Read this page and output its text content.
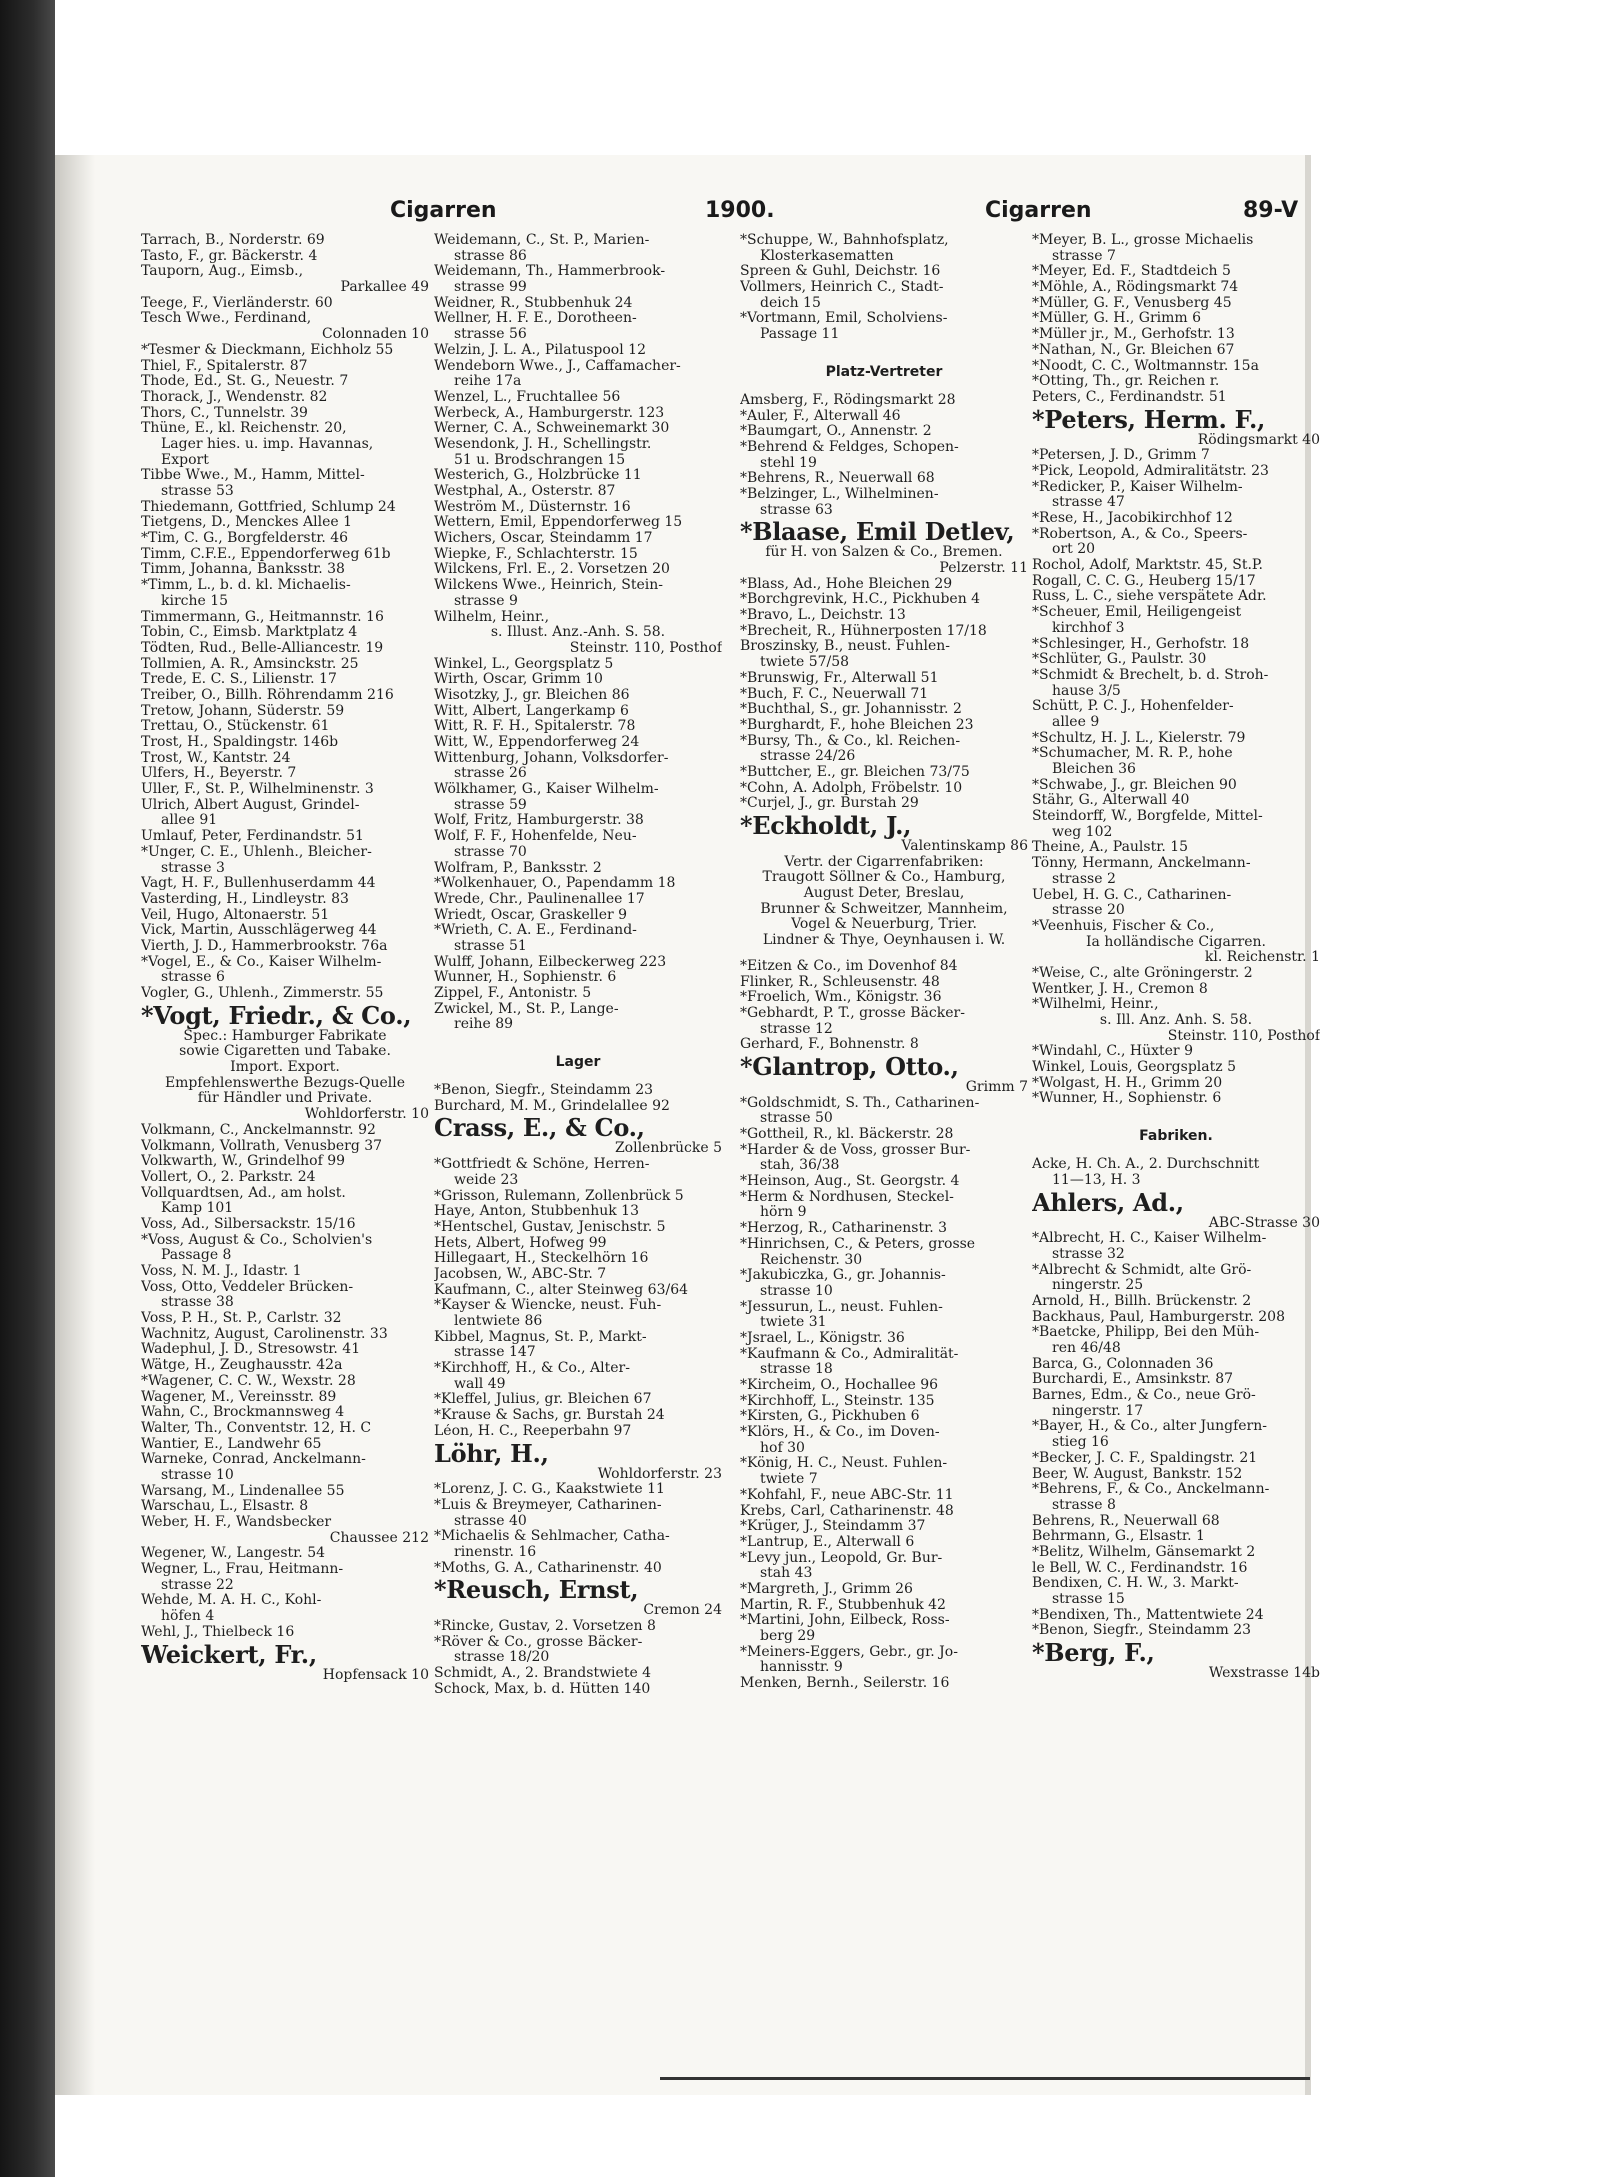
Cigarren	1900.	Cigarren	89-V
Tarrach, B., Norderstr. 69
Tasto, F., gr. Bäckerstr. 4
Tauporn, Aug., Eimsb.,
Parkallee 49
Teege, F., Vierländerstr. 60
Tesch Wwe., Ferdinand,
Colonnaden 10
*Tesmer & Dieckmann, Eichholz 55
Thiel, F., Spitalerstr. 87
Thode, Ed., St. G., Neuestr. 7
Thorack, J., Wendenstr. 82
Thors, C., Tunnelstr. 39
Thüne, E., kl. Reichenstr. 20,
Lager hies. u. imp. Havannas,
Export
Tibbe Wwe., M., Hamm, Mittel-
strasse 53
Thiedemann, Gottfried, Schlump 24
Tietgens, D., Menckes Allee 1
*Tim, C. G., Borgfelderstr. 46
Timm, C.F.E., Eppendorferweg 61b
Timm, Johanna, Banksstr. 38
*Timm, L., b. d. kl. Michaelis-
kirche 15
Timmermann, G., Heitmannstr. 16
Tobin, C., Eimsb. Marktplatz 4
Tödten, Rud., Belle-Alliancestr. 19
Tollmien, A. R., Amsinckstr. 25
Trede, E. C. S., Lilienstr. 17
Treiber, O., Billh. Röhrendamm 216
Tretow, Johann, Süderstr. 59
Trettau, O., Stückenstr. 61
Trost, H., Spaldingstr. 146b
Trost, W., Kantstr. 24
Ulfers, H., Beyerstr. 7
Uller, F., St. P., Wilhelminenstr. 3
Ulrich, Albert August, Grindel-
allee 91
Umlauf, Peter, Ferdinandstr. 51
*Unger, C. E., Uhlenh., Bleicher-
strasse 3
Vagt, H. F., Bullenhuserdamm 44
Vasterding, H., Lindleystr. 83
Veil, Hugo, Altonaerstr. 51
Vick, Martin, Ausschlägerweg 44
Vierth, J. D., Hammerbrookstr. 76a
*Vogel, E., & Co., Kaiser Wilhelm-
strasse 6
Vogler, G., Uhlenh., Zimmerstr. 55
*Vogt, Friedr., & Co.,
Spec.: Hamburger Fabrikate
sowie Cigaretten und Tabake.
Import. Export.
Empfehlenswerthe Bezugs-Quelle
für Händler und Private.
Wohldorferstr. 10
Volkmann, C., Anckelmannstr. 92
Volkmann, Vollrath, Venusberg 37
Volkwarth, W., Grindelhof 99
Vollert, O., 2. Parkstr. 24
Vollquardtsen, Ad., am holst.
Kamp 101
Voss, Ad., Silbersackstr. 15/16
*Voss, August & Co., Scholvien's
Passage 8
Voss, N. M. J., Idastr. 1
Voss, Otto, Veddeler Brücken-
strasse 38
Voss, P. H., St. P., Carlstr. 32
Wachnitz, August, Carolinenstr. 33
Wadephul, J. D., Stresowstr. 41
Wätge, H., Zeughausstr. 42a
*Wagener, C. C. W., Wexstr. 28
Wagener, M., Vereinsstr. 89
Wahn, C., Brockmannsweg 4
Walter, Th., Conventstr. 12, H. C
Wantier, E., Landwehr 65
Warneke, Conrad, Anckelmann-
strasse 10
Warsang, M., Lindenallee 55
Warschau, L., Elsastr. 8
Weber, H. F., Wandsbecker
Chaussee 212
Wegener, W., Langestr. 54
Wegner, L., Frau, Heitmann-
strasse 22
Wehde, M. A. H. C., Kohl-
höfen 4
Wehl, J., Thielbeck 16
Weickert, Fr.,
Hopfensack 10
Weidemann, C., St. P., Marien-
strasse 86
Weidemann, Th., Hammerbrook-
strasse 99
Weidner, R., Stubbenhuk 24
Wellner, H. F. E., Dorotheen-
strasse 56
Welzin, J. L. A., Pilatuspool 12
Wendeborn Wwe., J., Caffamacher-
reihe 17a
Wenzel, L., Fruchtallee 56
Werbeck, A., Hamburgerstr. 123
Werner, C. A., Schweinemarkt 30
Wesendonk, J. H., Schellingstr.
51 u. Brodschrangen 15
Westerich, G., Holzbrücke 11
Westphal, A., Osterstr. 87
Weström M., Düsternstr. 16
Wettern, Emil, Eppendorferweg 15
Wichers, Oscar, Steindamm 17
Wiepke, F., Schlachterstr. 15
Wilckens, Frl. E., 2. Vorsetzen 20
Wilckens Wwe., Heinrich, Stein-
strasse 9
Wilhelm, Heinr.,
s. Illust. Anz.-Anh. S. 58.
Steinstr. 110, Posthof
Winkel, L., Georgsplatz 5
Wirth, Oscar, Grimm 10
Wisotzky, J., gr. Bleichen 86
Witt, Albert, Langerkamp 6
Witt, R. F. H., Spitalerstr. 78
Witt, W., Eppendorferweg 24
Wittenburg, Johann, Volksdorfer-
strasse 26
Wölkhamer, G., Kaiser Wilhelm-
strasse 59
Wolf, Fritz, Hamburgerstr. 38
Wolf, F. F., Hohenfelde, Neu-
strasse 70
Wolfram, P., Banksstr. 2
*Wolkenhauer, O., Papendamm 18
Wrede, Chr., Paulinenallee 17
Wriedt, Oscar, Graskeller 9
*Wrieth, C. A. E., Ferdinand-
strasse 51
Wulff, Johann, Eilbeckerweg 223
Wunner, H., Sophienstr. 6
Zippel, F., Antonistr. 5
Zwickel, M., St. P., Lange-
reihe 89
Lager
*Benon, Siegfr., Steindamm 23
Burchard, M. M., Grindelallee 92
Crass, E., & Co.,
Zollenbrücke 5
*Gottfriedt & Schöne, Herren-
weide 23
*Grisson, Rulemann, Zollenbrück 5
Haye, Anton, Stubbenhuk 13
*Hentschel, Gustav, Jenischstr. 5
Hets, Albert, Hofweg 99
Hillegaart, H., Steckelhörn 16
Jacobsen, W., ABC-Str. 7
Kaufmann, C., alter Steinweg 63/64
*Kayser & Wiencke, neust. Fuh-
lentwiete 86
Kibbel, Magnus, St. P., Markt-
strasse 147
*Kirchhoff, H., & Co., Alter-
wall 49
*Kleffel, Julius, gr. Bleichen 67
*Krause & Sachs, gr. Burstah 24
Léon, H. C., Reeperbahn 97
Löhr, H.,
Wohldorferstr. 23
*Lorenz, J. C. G., Kaakstwiete 11
*Luis & Breymeyer, Catharinen-
strasse 40
*Michaelis & Sehlmacher, Catha-
rinenstr. 16
*Moths, G. A., Catharinenstr. 40
*Reusch, Ernst,
Cremon 24
*Rincke, Gustav, 2. Vorsetzen 8
*Röver & Co., grosse Bäcker-
strasse 18/20
Schmidt, A., 2. Brandstwiete 4
Schock, Max, b. d. Hütten 140
*Schuppe, W., Bahnhofsplatz,
Klosterkasematten
Spreen & Guhl, Deichstr. 16
Vollmers, Heinrich C., Stadt-
deich 15
*Vortmann, Emil, Scholviens-
Passage 11
Platz-Vertreter
Amsberg, F., Rödingsmarkt 28
*Auler, F., Alterwall 46
*Baumgart, O., Annenstr. 2
*Behrend & Feldges, Schopen-
stehl 19
*Behrens, R., Neuerwall 68
*Belzinger, L., Wilhelminen-
strasse 63
*Blaase, Emil Detlev,
für H. von Salzen & Co., Bremen.
Pelzerstr. 11
*Blass, Ad., Hohe Bleichen 29
*Borchgrevink, H.C., Pickhuben 4
*Bravo, L., Deichstr. 13
*Brecheit, R., Hühnerposten 17/18
Broszinsky, B., neust. Fuhlen-
twiete 57/58
*Brunswig, Fr., Alterwall 51
*Buch, F. C., Neuerwall 71
*Buchthal, S., gr. Johannisstr. 2
*Burghardt, F., hohe Bleichen 23
*Bursy, Th., & Co., kl. Reichen-
strasse 24/26
*Buttcher, E., gr. Bleichen 73/75
*Cohn, A. Adolph, Fröbelstr. 10
*Curjel, J., gr. Burstah 29
*Eckholdt, J.,
Valentinskamp 86
Vertr. der Cigarrenfabriken:
Traugott Söllner & Co., Hamburg,
August Deter, Breslau,
Brunner & Schweitzer, Mannheim,
Vogel & Neuerburg, Trier.
Lindner & Thye, Oeynhausen i. W.
*Eitzen & Co., im Dovenhof 84
Flinker, R., Schleusenstr. 48
*Froelich, Wm., Königstr. 36
*Gebhardt, P. T., grosse Bäcker-
strasse 12
Gerhard, F., Bohnenstr. 8
*Glantrop, Otto.,
Grimm 7
*Goldschmidt, S. Th., Catharinen-
strasse 50
*Gottheil, R., kl. Bäckerstr. 28
*Harder & de Voss, grosser Bur-
stah, 36/38
*Heinson, Aug., St. Georgstr. 4
*Herm & Nordhusen, Steckel-
hörn 9
*Herzog, R., Catharinenstr. 3
*Hinrichsen, C., & Peters, grosse
Reichenstr. 30
*Jakubiczka, G., gr. Johannis-
strasse 10
*Jessurun, L., neust. Fuhlen-
twiete 31
*Jsrael, L., Königstr. 36
*Kaufmann & Co., Admiralität-
strasse 18
*Kircheim, O., Hochallee 96
*Kirchhoff, L., Steinstr. 135
*Kirsten, G., Pickhuben 6
*Klörs, H., & Co., im Doven-
hof 30
*König, H. C., Neust. Fuhlen-
twiete 7
*Kohfahl, F., neue ABC-Str. 11
Krebs, Carl, Catharinenstr. 48
*Krüger, J., Steindamm 37
*Lantrup, E., Alterwall 6
*Levy jun., Leopold, Gr. Bur-
stah 43
*Margreth, J., Grimm 26
Martin, R. F., Stubbenhuk 42
*Martini, John, Eilbeck, Ross-
berg 29
*Meiners-Eggers, Gebr., gr. Jo-
hannisstr. 9
Menken, Bernh., Seilerstr. 16
*Meyer, B. L., grosse Michaelis
strasse 7
*Meyer, Ed. F., Stadtdeich 5
*Möhle, A., Rödingsmarkt 74
*Müller, G. F., Venusberg 45
*Müller, G. H., Grimm 6
*Müller jr., M., Gerhofstr. 13
*Nathan, N., Gr. Bleichen 67
*Noodt, C. C., Woltmannstr. 15a
*Otting, Th., gr. Reichen r.
Peters, C., Ferdinandstr. 51
*Peters, Herm. F.,
Rödingsmarkt 40
*Petersen, J. D., Grimm 7
*Pick, Leopold, Admiralitätstr. 23
*Redicker, P., Kaiser Wilhelm-
strasse 47
*Rese, H., Jacobikirchhof 12
*Robertson, A., & Co., Speers-
ort 20
Rochol, Adolf, Marktstr. 45, St.P.
Rogall, C. C. G., Heuberg 15/17
Russ, L. C., siehe verspätete Adr.
*Scheuer, Emil, Heiligengeist
kirchhof 3
*Schlesinger, H., Gerhofstr. 18
*Schlüter, G., Paulstr. 30
*Schmidt & Brechelt, b. d. Stroh-
hause 3/5
Schütt, P. C. J., Hohenfelder-
allee 9
*Schultz, H. J. L., Kielerstr. 79
*Schumacher, M. R. P., hohe
Bleichen 36
*Schwabe, J., gr. Bleichen 90
Stähr, G., Alterwall 40
Steindorff, W., Borgfelde, Mittel-
weg 102
Theine, A., Paulstr. 15
Tönny, Hermann, Anckelmann-
strasse 2
Uebel, H. G. C., Catharinen-
strasse 20
*Veenhuis, Fischer & Co.,
Ia holländische Cigarren.
kl. Reichenstr. 1
*Weise, C., alte Gröningerstr. 2
Wentker, J. H., Cremon 8
*Wilhelmi, Heinr.,
s. Ill. Anz. Anh. S. 58.
Steinstr. 110, Posthof
*Windahl, C., Hüxter 9
Winkel, Louis, Georgsplatz 5
*Wolgast, H. H., Grimm 20
*Wunner, H., Sophienstr. 6
Fabriken.
Acke, H. Ch. A., 2. Durchschnitt
11—13, H. 3
Ahlers, Ad.,
ABC-Strasse 30
*Albrecht, H. C., Kaiser Wilhelm-
strasse 32
*Albrecht & Schmidt, alte Grö-
ningerstr. 25
Arnold, H., Billh. Brückenstr. 2
Backhaus, Paul, Hamburgerstr. 208
*Baetcke, Philipp, Bei den Müh-
ren 46/48
Barca, G., Colonnaden 36
Burchardi, E., Amsinkstr. 87
Barnes, Edm., & Co., neue Grö-
ningerstr. 17
*Bayer, H., & Co., alter Jungfern-
stieg 16
*Becker, J. C. F., Spaldingstr. 21
Beer, W. August, Bankstr. 152
*Behrens, F., & Co., Anckelmann-
strasse 8
Behrens, R., Neuerwall 68
Behrmann, G., Elsastr. 1
*Belitz, Wilhelm, Gänsemarkt 2
le Bell, W. C., Ferdinandstr. 16
Bendixen, C. H. W., 3. Markt-
strasse 15
*Bendixen, Th., Mattentwiete 24
*Benon, Siegfr., Steindamm 23
*Berg, F.,
Wexstrasse 14b
